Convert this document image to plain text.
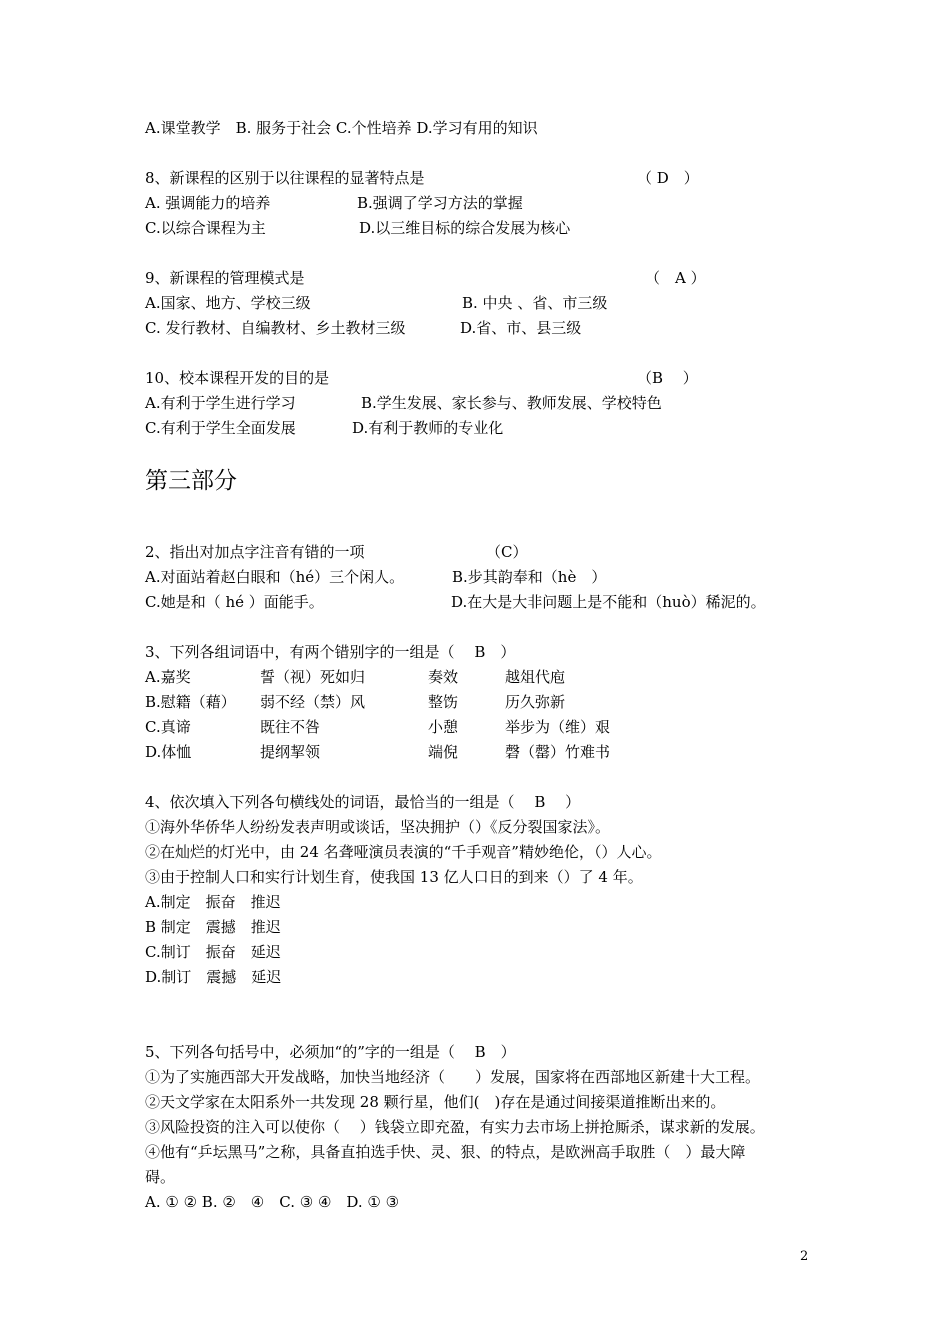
A.课堂教学　B. 服务于社会 C.个性培养 D.学习有用的知识
8、新课程的区别于以往课程的显著特点是	（ D　）
A. 强调能力的培养	B.强调了学习方法的掌握
C.以综合课程为主	D.以三维目标的综合发展为核心
9、新课程的管理模式是	（　A ）
A.国家、地方、学校三级	B. 中央 、省、市三级
C. 发行教材、自编教材、乡土教材三级	D.省、市、县三级
10、校本课程开发的目的是	（B　 ）
A.有利于学生进行学习	B.学生发展、家长参与、教师发展、学校特色
C.有利于学生全面发展	D.有利于教师的专业化
第三部分
2、指出对加点字注音有错的一项	（C）
A.对面站着赵白眼和（hé）三个闲人。	B.步其韵奉和（hè　）
C.她是和（ hé ）面能手。	D.在大是大非问题上是不能和（huò）稀泥的。
3、下列各组词语中，有两个错别字的一组是（　 B　）
A.嘉奖	誓（视）死如归	奏效	越俎代庖
B.慰籍（藉） 弱不经（禁）风	整饬	历久弥新
C.真谛	既往不咎	小憩	举步为（维）艰
D.体恤	提纲挈领	端倪	磬（罄）竹难书
4、依次填入下列各句横线处的词语，最恰当的一组是（　 B　 ）
①海外华侨华人纷纷发表声明或谈话，坚决拥护（）《反分裂国家法》。
②在灿烂的灯光中，由 24 名聋哑演员表演的“千手观音”精妙绝伦，（）人心。
③由于控制人口和实行计划生育，使我国 13 亿人口日的到来（）了 4 年。
A.制定　振奋　推迟
B 制定　震撼　推迟
C.制订　振奋　延迟
D.制订　震撼　延迟
5、下列各句括号中，必须加“的”字的一组是（　 B　）
①为了实施西部大开发战略，加快当地经济（　　）发展，国家将在西部地区新建十大工程。
②天文学家在太阳系外一共发现 28 颗行星，他们(　)存在是通过间接渠道推断出来的。
③风险投资的注入可以使你（　 ）钱袋立即充盈，有实力去市场上拼抢厮杀，谋求新的发展。
④他有“乒坛黑马”之称，具备直拍选手快、灵、狠、的特点，是欧洲高手取胜（　）最大障
碍。
A. ① ② B. ②　④　C. ③ ④　D. ① ③
2
